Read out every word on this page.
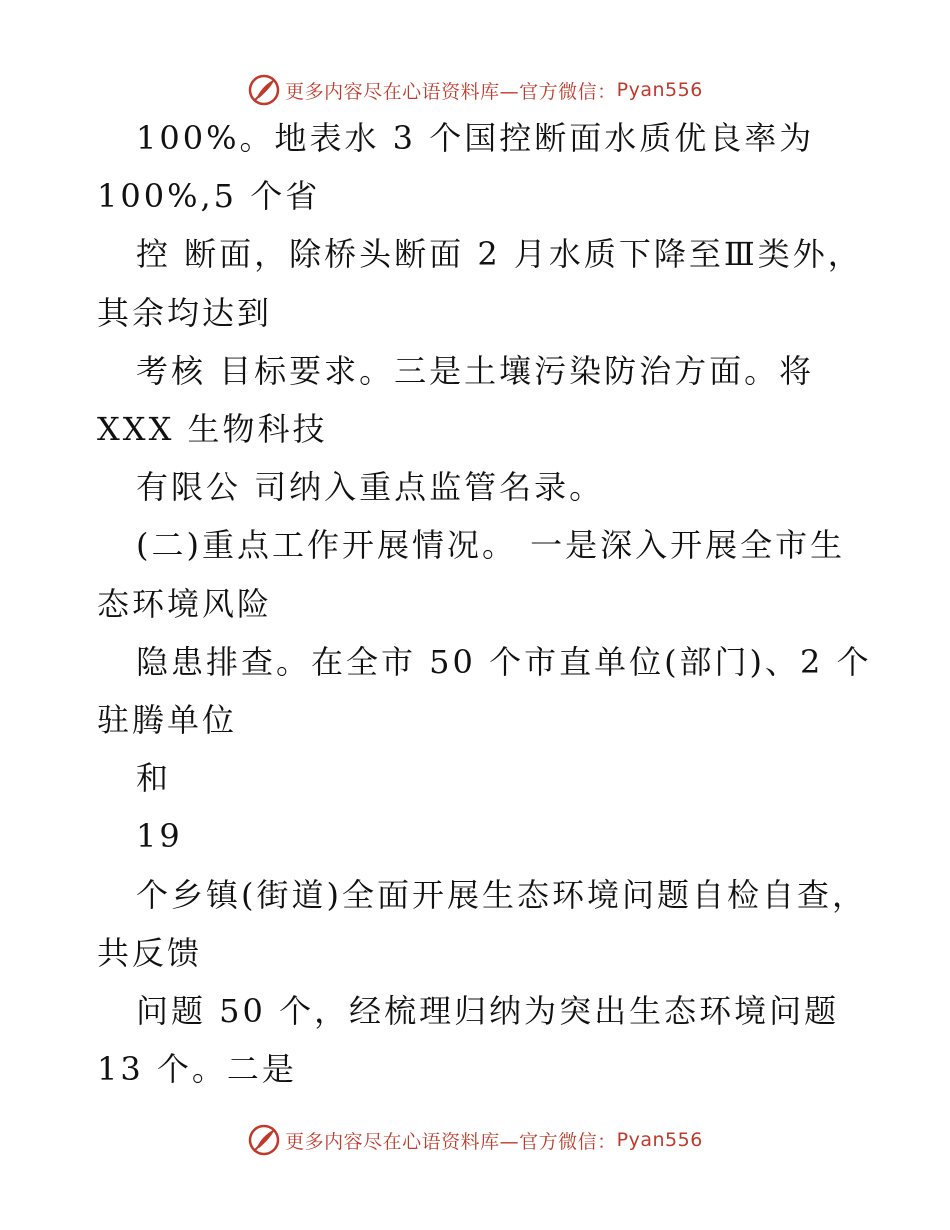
更多内容尽在心语资料库—官方微信： Pyan556
100%。地表水 3 个国控断面水质优良率为
100%,5 个省
控 断面，除桥头断面 2 月水质下降至Ⅲ类外，
其余均达到
考核 目标要求。三是土壤污染防治方面。将
XXX 生物科技
有限公 司纳入重点监管名录。
(二)重点工作开展情况。 一是深入开展全市生
态环境风险
隐患排查。在全市 50 个市直单位(部门)、2 个
驻腾单位
和
19
个乡镇(街道)全面开展生态环境问题自检自查，
共反馈
问题 50 个，经梳理归纳为突出生态环境问题
13 个。二是
更多内容尽在心语资料库—官方微信： Pyan556
